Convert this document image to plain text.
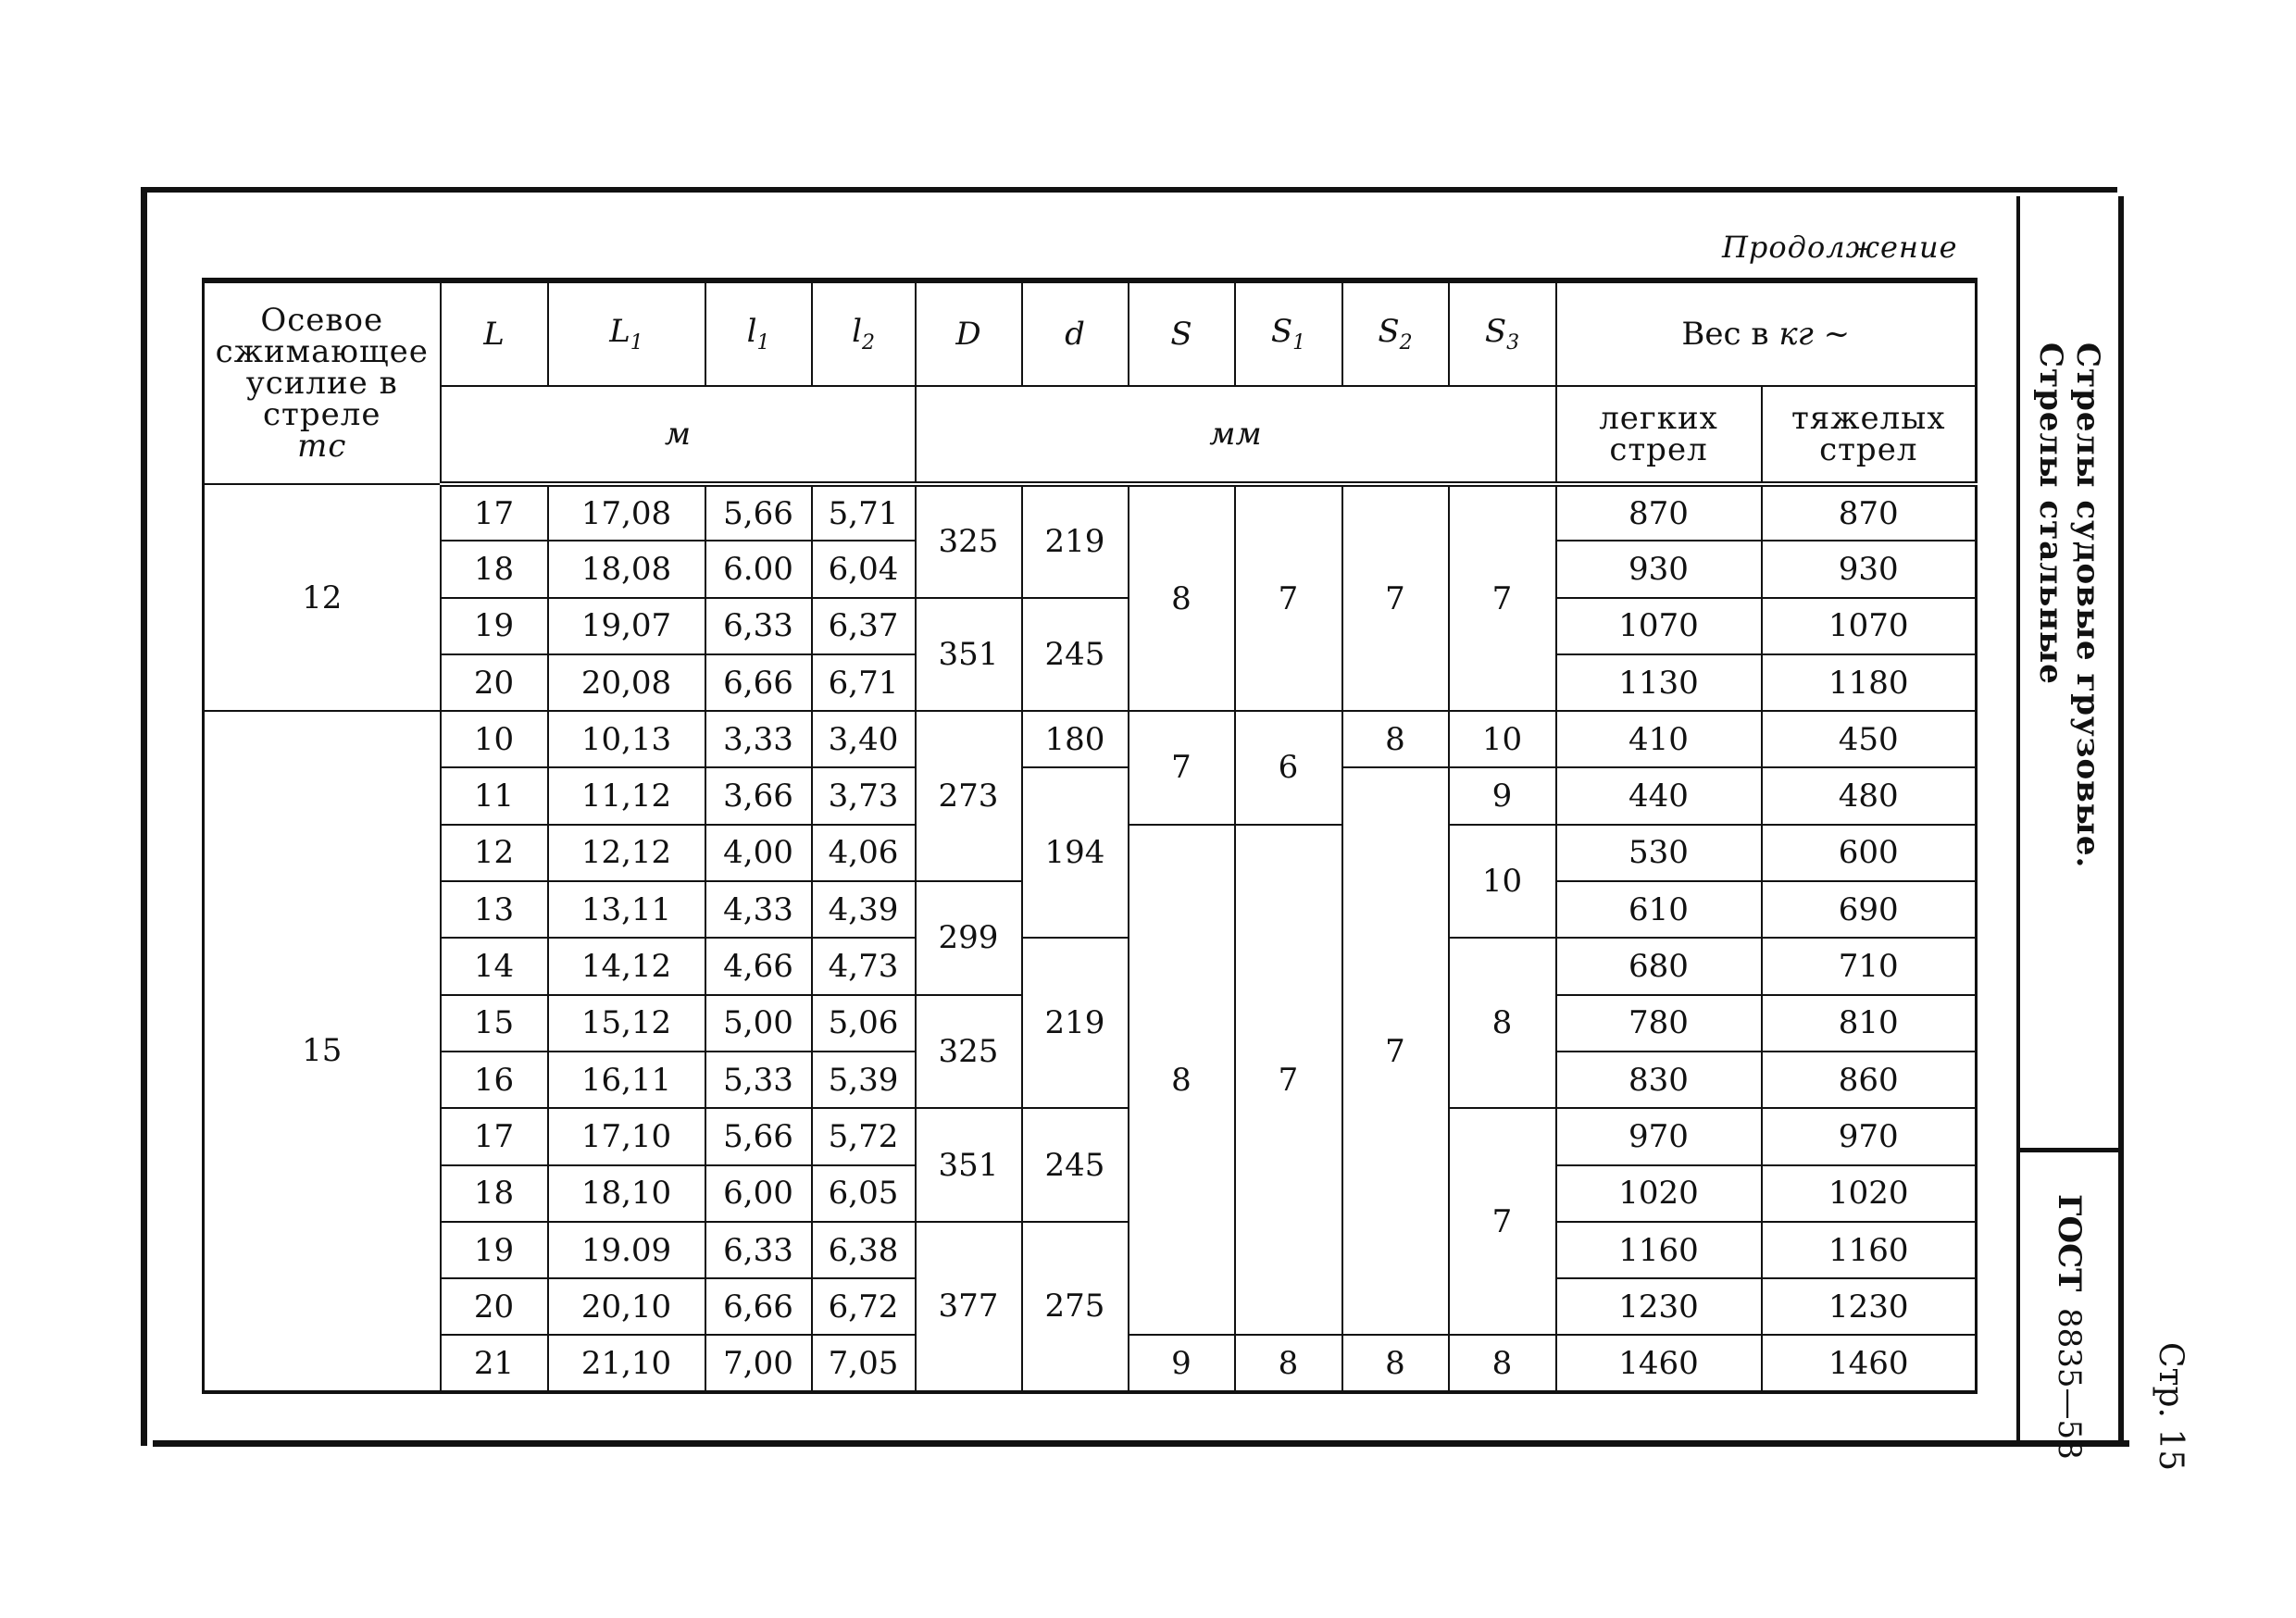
Продолжение
Осевое сжимающее усилие в стреле
тс	L	$L_1$	$l_1$	$l_2$	D	d	S	$S_1$	$S_2$	$S_3$	Вес в кг ~	
	м				мм						легких стрел	тяжелых стрел
12	17	17,08	5,66	5,71	325	219	8	7	7	7	870	870
	18	18,08	6.00	6,04							930	930
	19	19,07	6,33	6,37	351	245					1070	1070
	20	20,08	6,66	6,71							1130	1180
15	10	10,13	3,33	3,40	273	180	7	6	8	10	410	450
	11	11,12	3,66	3,73		194			7	9	440	480
	12	12,12	4,00	4,06			8	7		10	530	600
	13	13,11	4,33	4,39	299						610	690
	14	14,12	4,66	4,73		219				8	680	710
	15	15,12	5,00	5,06	325						780	810
	16	16,11	5,33	5,39							830	860
	17	17,10	5,66	5,72	351	245				7	970	970
	18	18,10	6,00	6,05							1020	1020
	19	19.09	6,33	6,38	377	275					1160	1160
	20	20,10	6,66	6,72							1230	1230
	21	21,10	7,00	7,05			9	8	8	8	1460	1460
Стрелы судовые грузовые. Стрелы стальные
ГОСТ
8835—58	Стр. 15
